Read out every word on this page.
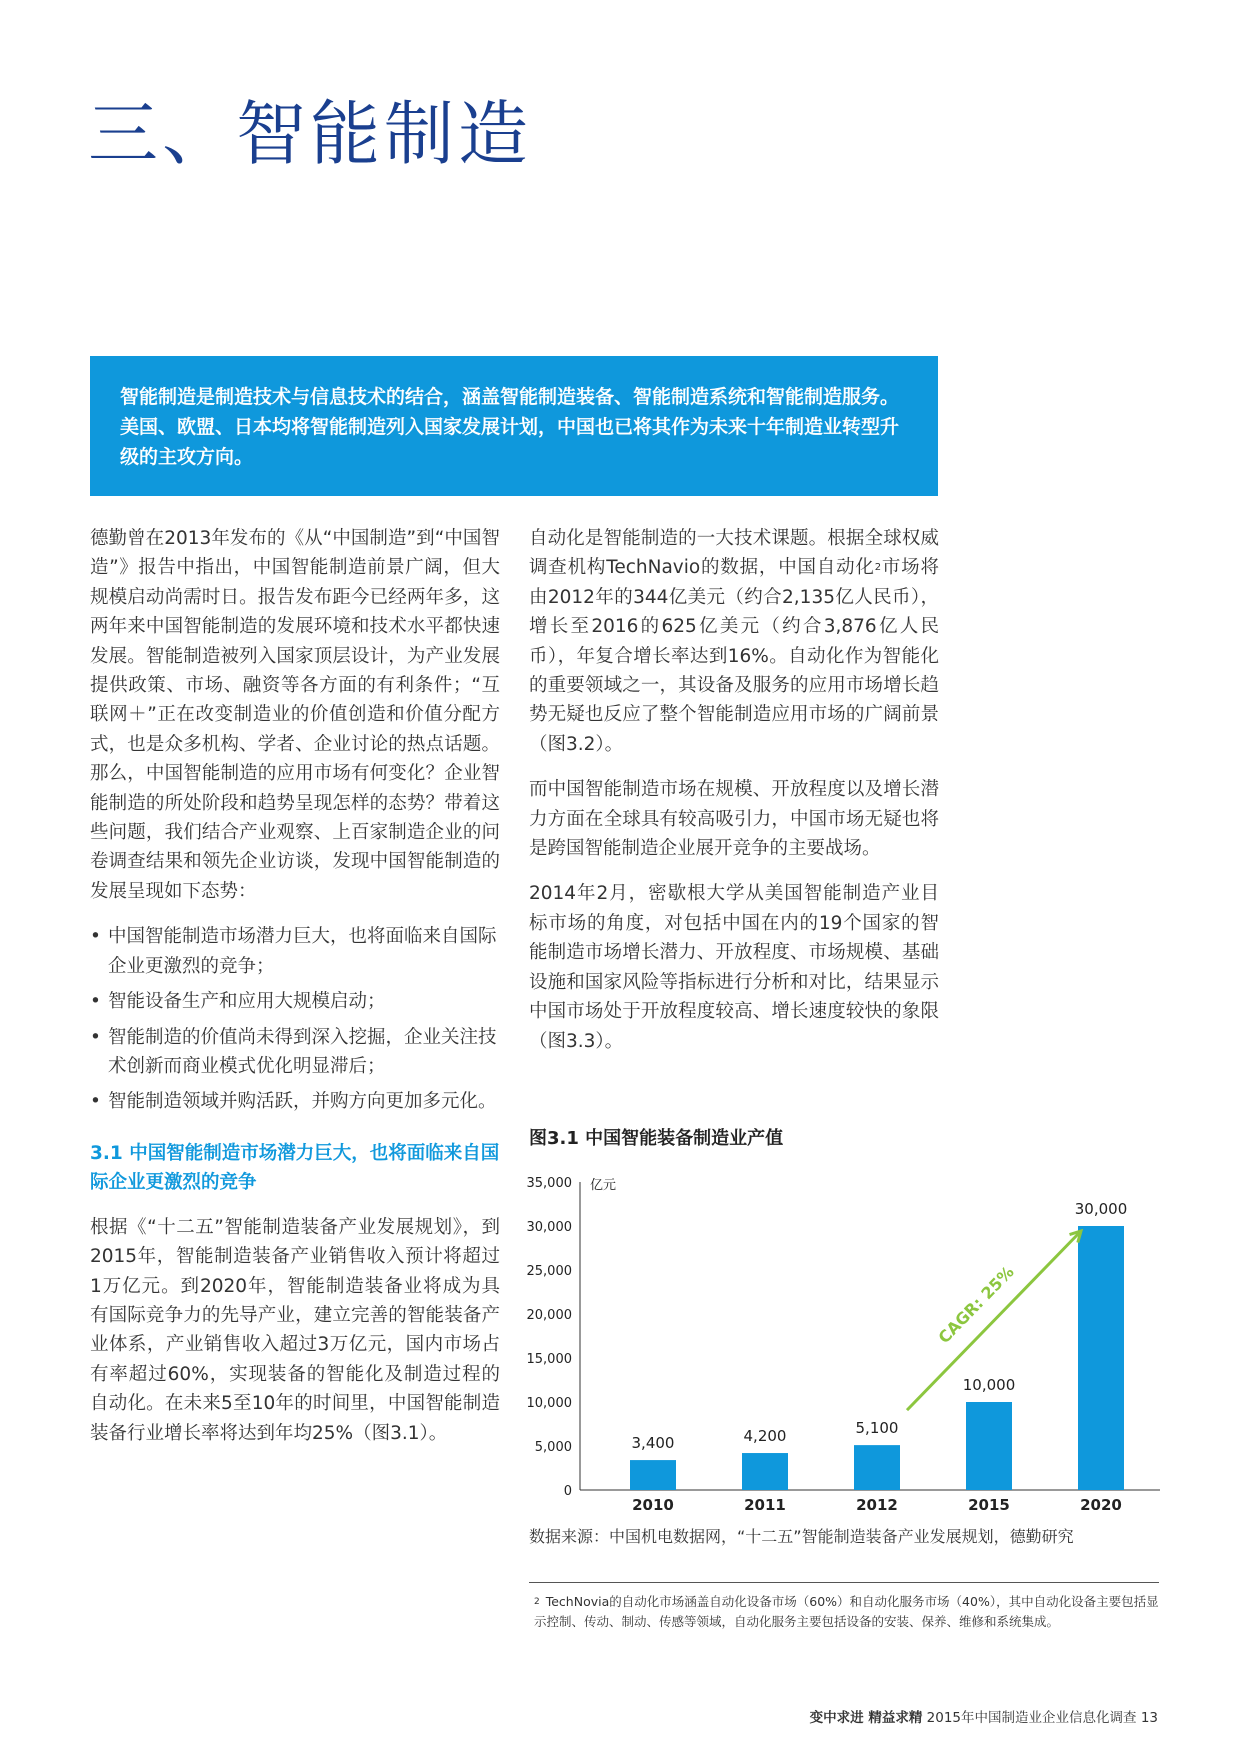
三、智能制造

智能制造是制造技术与信息技术的结合，涵盖智能制造装备、智能制造系统和智能制造服务。美国、欧盟、日本均将智能制造列入国家发展计划，中国也已将其作为未来十年制造业转型升级的主攻方向。

德勤曾在2013年发布的《从“中国制造”到“中国智造”》报告中指出，中国智能制造前景广阔，但大规模启动尚需时日。报告发布距今已经两年多，这两年来中国智能制造的发展环境和技术水平都快速发展。智能制造被列入国家顶层设计，为产业发展提供政策、市场、融资等各方面的有利条件；“互联网＋”正在改变制造业的价值创造和价值分配方式，也是众多机构、学者、企业讨论的热点话题。那么，中国智能制造的应用市场有何变化？企业智能制造的所处阶段和趋势呈现怎样的态势？带着这些问题，我们结合产业观察、上百家制造企业的问卷调查结果和领先企业访谈，发现中国智能制造的发展呈现如下态势：

• 中国智能制造市场潜力巨大，也将面临来自国际企业更激烈的竞争；
• 智能设备生产和应用大规模启动；
• 智能制造的价值尚未得到深入挖掘，企业关注技术创新而商业模式优化明显滞后；
• 智能制造领域并购活跃，并购方向更加多元化。
3.1 中国智能制造市场潜力巨大，也将面临来自国际企业更激烈的竞争

根据《“十二五”智能制造装备产业发展规划》，到2015年，智能制造装备产业销售收入预计将超过1万亿元。到2020年，智能制造装备业将成为具有国际竞争力的先导产业，建立完善的智能装备产业体系，产业销售收入超过3万亿元，国内市场占有率超过60%，实现装备的智能化及制造过程的自动化。在未来5至10年的时间里，中国智能制造装备行业增长率将达到年均25%（图3.1）。

自动化是智能制造的一大技术课题。根据全球权威调查机构TechNavio的数据，中国自动化$^2$市场将由2012年的344亿美元（约合2,135亿人民币），增长至2016的625亿美元（约合3,876亿人民币），年复合增长率达到16%。自动化作为智能化的重要领域之一，其设备及服务的应用市场增长趋势无疑也反应了整个智能制造应用市场的广阔前景（图3.2）。

而中国智能制造市场在规模、开放程度以及增长潜力方面在全球具有较高吸引力，中国市场无疑也将是跨国智能制造企业展开竞争的主要战场。

2014年2月，密歇根大学从美国智能制造产业目标市场的角度，对包括中国在内的19个国家的智能制造市场增长潜力、开放程度、市场规模、基础设施和国家风险等指标进行分析和对比，结果显示中国市场处于开放程度较高、增长速度较快的象限（图3.3）。

图3.1 中国智能装备制造业产值
0
5,000
10,000
15,000
20,000
25,000
30,000
35,000 亿元
3,400
2010
4,200
2011
5,100
2012
10,000
2015
30,000
2020
CAGR: 25%
数据来源：中国机电数据网，“十二五”智能制造装备产业发展规划，德勤研究
$^2$ TechNovia的自动化市场涵盖自动化设备市场（60%）和自动化服务市场（40%），其中自动化设备主要包括显示控制、传动、制动、传感等领域，自动化服务主要包括设备的安装、保养、维修和系统集成。
变中求进 精益求精 2015年中国制造业企业信息化调查 13
